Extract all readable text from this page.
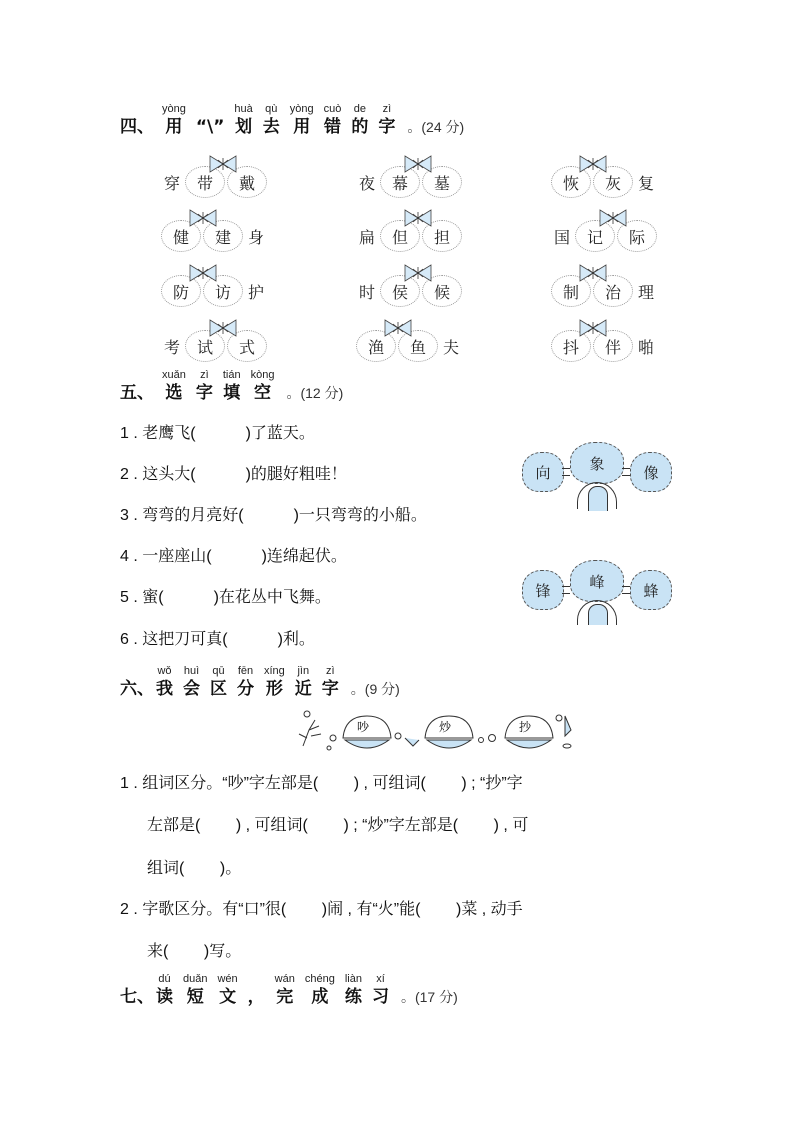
四、
yòng
用 “\”
huà
划
qù
去
yòng
用
cuò
错
de
的
zì
字 。(24 分)
穿	带	戴	夜	幕	墓	恢	灰	复
健	建	身	扁	但	担	国	记	际
防	访	护	时	侯	候	制	治	理
考	试	式	渔	鱼	夫	抖	伴	啪
五、
xuǎn
选
zì
字
tián
填
kòng
空 。(12 分)
1 . 老鹰飞(	)了蓝天。
2 . 这头大(	)的腿好粗哇！
3 . 弯弯的月亮好(	)一只弯弯的小船。
4 . 一座座山(	)连绵起伏。
5 . 蜜(	)在花丛中飞舞。
6 . 这把刀可真(	)利。
向	象	像
锋	峰	蜂
六、
wǒ
我
huì
会
qū
区
fēn
分
xíng
形
jìn
近
zì
字 。(9 分)
吵	炒	抄
1 . 组词区分。“吵”字左部是(        ) , 可组词(        ) ; “抄”字
左部是(        ) , 可组词(        ) ; “炒”字左部是(        ) , 可
组词(        )。
2 . 字歌区分。有“口”很(        )闹 , 有“火”能(        )菜 , 动手
来(        )写。
七、
dú
读
duǎn
短
wén
文 ，
wán
完
chéng
成
liàn
练
xí
习 。(17 分)
